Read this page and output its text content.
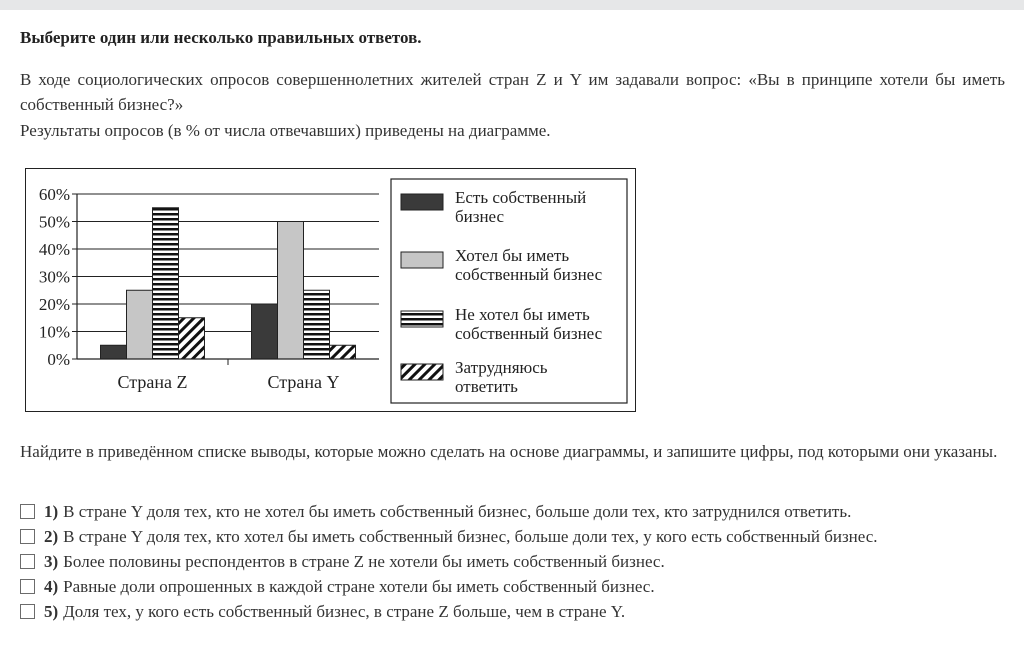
Выберите один или несколько правильных ответов.
В ходе социологических опросов совершеннолетних жителей стран Z и Y им задавали вопрос: «Вы в принципе хотели бы иметь собственный бизнес?»
Результаты опросов (в % от числа отвечавших) приведены на диаграмме.
0%
10%
20%
30%
40%
50%
60%
Страна Z	Страна Y
Есть собственный
бизнес
Хотел бы иметь
собственный бизнес
Не хотел бы иметь
собственный бизнес
Затрудняюсь
ответить
Найдите в приведённом списке выводы, которые можно сделать на основе диаграммы, и запишите цифры, под которыми они указаны.
1) В стране Y доля тех, кто не хотел бы иметь собственный бизнес, больше доли тех, кто затруднился ответить.
2) В стране Y доля тех, кто хотел бы иметь собственный бизнес, больше доли тех, у кого есть собственный бизнес.
3) Более половины респондентов в стране Z не хотели бы иметь собственный бизнес.
4) Равные доли опрошенных в каждой стране хотели бы иметь собственный бизнес.
5) Доля тех, у кого есть собственный бизнес, в стране Z больше, чем в стране Y.
